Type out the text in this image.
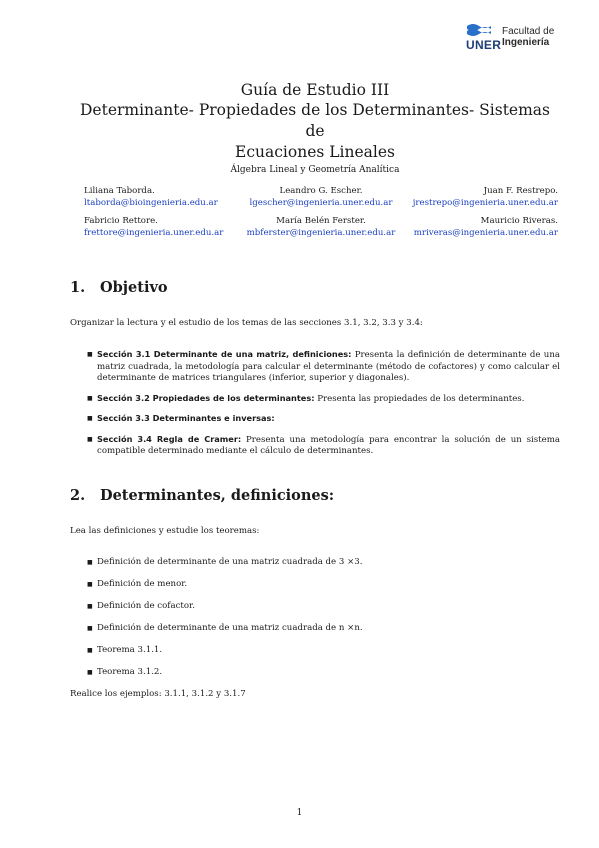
Facultad de
Ingeniería
UNER
Guía de Estudio III
Determinante- Propiedades de los Determinantes- Sistemas de
Ecuaciones Lineales
Álgebra Lineal y Geometría Analítica
Liliana Taborda.
ltaborda@bioingenieria.edu.ar
Leandro G. Escher.
lgescher@ingenieria.uner.edu.ar
Juan F. Restrepo.
jrestrepo@ingenieria.uner.edu.ar
Fabricio Rettore.
frettore@ingenieria.uner.edu.ar
María Belén Ferster.
mbferster@ingenieria.uner.edu.ar
Mauricio Riveras.
mriveras@ingenieria.uner.edu.ar
1. Objetivo

Organizar la lectura y el estudio de los temas de las secciones 3.1, 3.2, 3.3 y 3.4:

■ Sección 3.1 Determinante de una matriz, definiciones: Presenta la definición de determinante de una matriz cuadrada, la metodología para calcular el determinante (método de cofactores) y como calcular el determinante de matrices triangulares (inferior, superior y diagonales).
■ Sección 3.2 Propiedades de los determinantes: Presenta las propiedades de los determinantes.
■ Sección 3.3 Determinantes e inversas:
■ Sección 3.4 Regla de Cramer: Presenta una metodología para encontrar la solución de un sistema compatible determinado mediante el cálculo de determinantes.
2. Determinantes, definiciones:

Lea las definiciones y estudie los teoremas:

■ Definición de determinante de una matriz cuadrada de 3 ×3.
■ Definición de menor.
■ Definición de cofactor.
■ Definición de determinante de una matriz cuadrada de n ×n.
■ Teorema 3.1.1.
■ Teorema 3.1.2.

Realice los ejemplos: 3.1.1, 3.1.2 y 3.1.7

1
